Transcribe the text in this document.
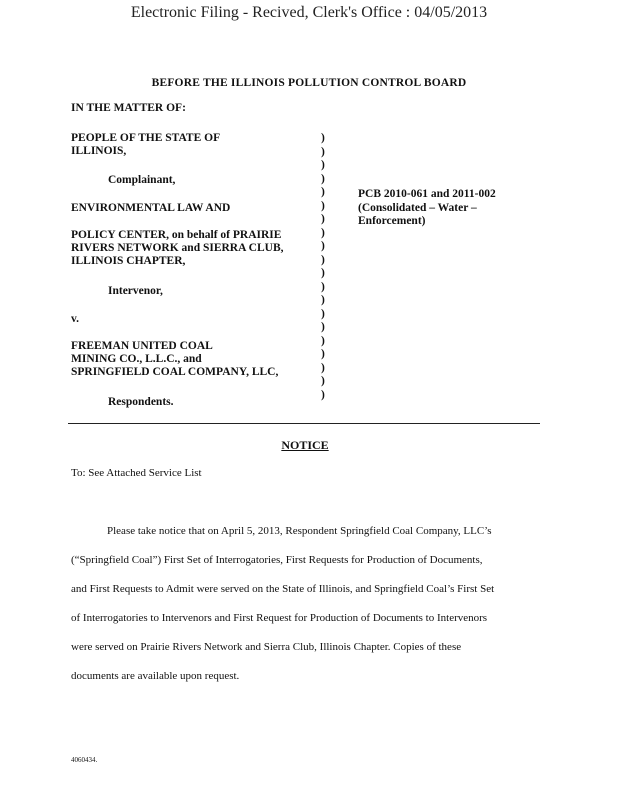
Electronic Filing - Recived, Clerk's Office : 04/05/2013
BEFORE THE ILLINOIS POLLUTION CONTROL BOARD
IN THE MATTER OF:
PEOPLE OF THE STATE OF
ILLINOIS,
Complainant,
ENVIRONMENTAL LAW AND
POLICY CENTER, on behalf of PRAIRIE
RIVERS NETWORK and SIERRA CLUB,
ILLINOIS CHAPTER,
Intervenor,
v.
FREEMAN UNITED COAL
MINING CO., L.L.C., and
SPRINGFIELD COAL COMPANY, LLC,
Respondents.
)
)
)
)
)
)
)
)
)
)
)
)
)
)
)
)
)
)
)
)
PCB 2010-061 and 2011-002
(Consolidated – Water –
Enforcement)
NOTICE
To: See Attached Service List
Please take notice that on April 5, 2013, Respondent Springfield Coal Company, LLC’s
(“Springfield Coal”) First Set of Interrogatories, First Requests for Production of Documents,
and First Requests to Admit were served on the State of Illinois, and Springfield Coal’s First Set
of Interrogatories to Intervenors and First Request for Production of Documents to Intervenors
were served on Prairie Rivers Network and Sierra Club, Illinois Chapter. Copies of these
documents are available upon request.
4060434.
